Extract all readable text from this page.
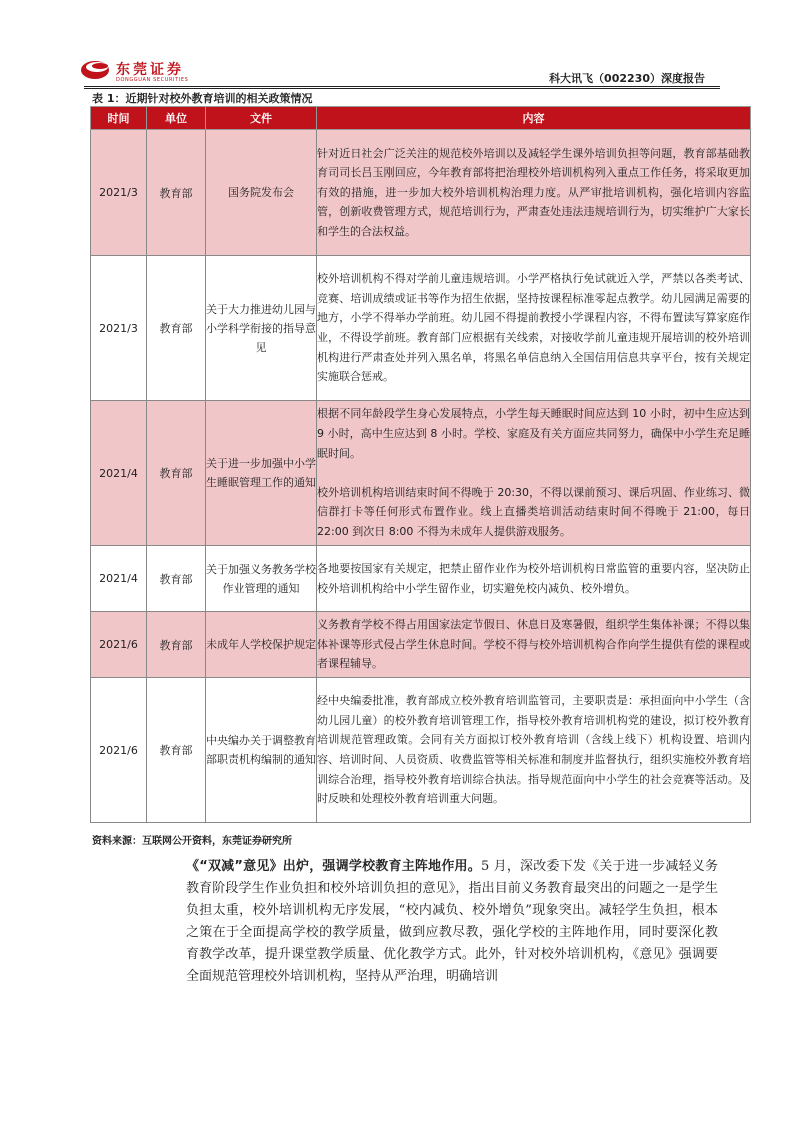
东莞证券
DONGGUAN SECURITIES	科大讯飞（002230）深度报告
表 1：近期针对校外教育培训的相关政策情况
时间	单位	文件	内容
2021/3	教育部	国务院发布会	针对近日社会广泛关注的规范校外培训以及减轻学生课外培训负担等问题，教育部基础教育司司长吕玉刚回应，今年教育部将把治理校外培训机构列入重点工作任务，将采取更加有效的措施，进一步加大校外培训机构治理力度。从严审批培训机构，强化培训内容监管，创新收费管理方式，规范培训行为，严肃查处违法违规培训行为，切实维护广大家长和学生的合法权益。

2021/3	教育部	关于大力推进幼儿园与小学科学衔接的指导意见	校外培训机构不得对学前儿童违规培训。小学严格执行免试就近入学，严禁以各类考试、竞赛、培训成绩或证书等作为招生依据，坚持按课程标准零起点教学。幼儿园满足需要的地方，小学不得举办学前班。幼儿园不得提前教授小学课程内容，不得布置读写算家庭作业，不得设学前班。教育部门应根据有关线索，对接收学前儿童违规开展培训的校外培训机构进行严肃查处并列入黑名单，将黑名单信息纳入全国信用信息共享平台，按有关规定实施联合惩戒。

2021/4	教育部	关于进一步加强中小学生睡眠管理工作的通知	根据不同年龄段学生身心发展特点，小学生每天睡眠时间应达到 10 小时，初中生应达到 9 小时，高中生应达到 8 小时。学校、家庭及有关方面应共同努力，确保中小学生充足睡眠时间。
校外培训机构培训结束时间不得晚于 20:30，不得以课前预习、课后巩固、作业练习、微信群打卡等任何形式布置作业。线上直播类培训活动结束时间不得晚于 21:00，每日 22:00 到次日 8:00 不得为未成年人提供游戏服务。

2021/4	教育部	关于加强义务教务学校作业管理的通知	各地要按国家有关规定，把禁止留作业作为校外培训机构日常监管的重要内容，坚决防止校外培训机构给中小学生留作业，切实避免校内减负、校外增负。

2021/6	教育部	未成年人学校保护规定	义务教育学校不得占用国家法定节假日、休息日及寒暑假，组织学生集体补课；不得以集体补课等形式侵占学生休息时间。学校不得与校外培训机构合作向学生提供有偿的课程或者课程辅导。

2021/6	教育部	中央编办关于调整教育部职责机构编制的通知	经中央编委批准，教育部成立校外教育培训监管司，主要职责是：承担面向中小学生（含幼儿园儿童）的校外教育培训管理工作，指导校外教育培训机构党的建设，拟订校外教育培训规范管理政策。会同有关方面拟订校外教育培训（含线上线下）机构设置、培训内容、培训时间、人员资质、收费监管等相关标准和制度并监督执行，组织实施校外教育培训综合治理，指导校外教育培训综合执法。指导规范面向中小学生的社会竞赛等活动。及时反映和处理校外教育培训重大问题。
资料来源：互联网公开资料，东莞证券研究所
《“双减”意见》出炉，强调学校教育主阵地作用。5 月，深改委下发《关于进一步减轻义务教育阶段学生作业负担和校外培训负担的意见》，指出目前义务教育最突出的问题之一是学生负担太重，校外培训机构无序发展，“校内减负、校外增负”现象突出。减轻学生负担，根本之策在于全面提高学校的教学质量，做到应教尽教，强化学校的主阵地作用，同时要深化教育教学改革，提升课堂教学质量、优化教学方式。此外，针对校外培训机构，《意见》强调要全面规范管理校外培训机构，坚持从严治理，明确培训
